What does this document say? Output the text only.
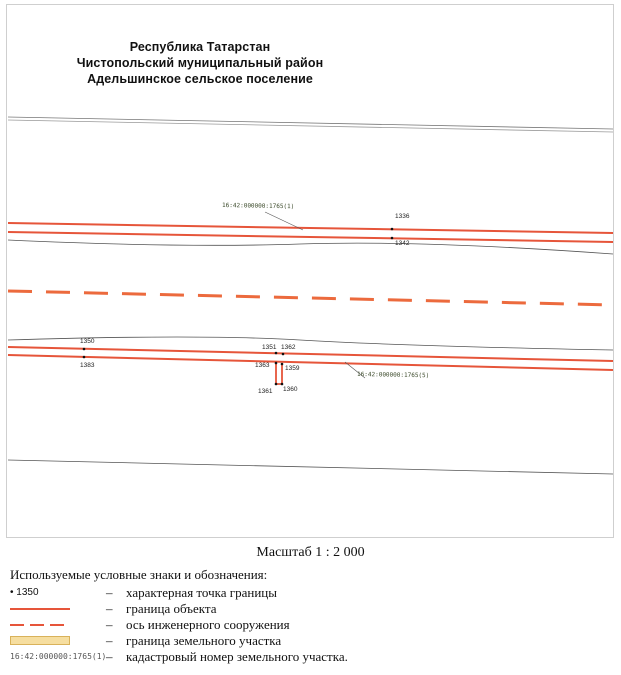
Республика Татарстан
Чистопольский муниципальный район
Адельшинское сельское поселение
16:42:000000:1765(1)
16:42:000000:1765(5)
1336
1342
1350
1383
1351 1362
1363 1359
1361 1360
Масштаб 1 : 2 000
Используемые условные знаки и обозначения:
• 1350	– характерная точка границы
– граница объекта
– ось инженерного сооружения
– граница земельного участка
16:42:000000:1765(1) – кадастровый номер земельного участка.
